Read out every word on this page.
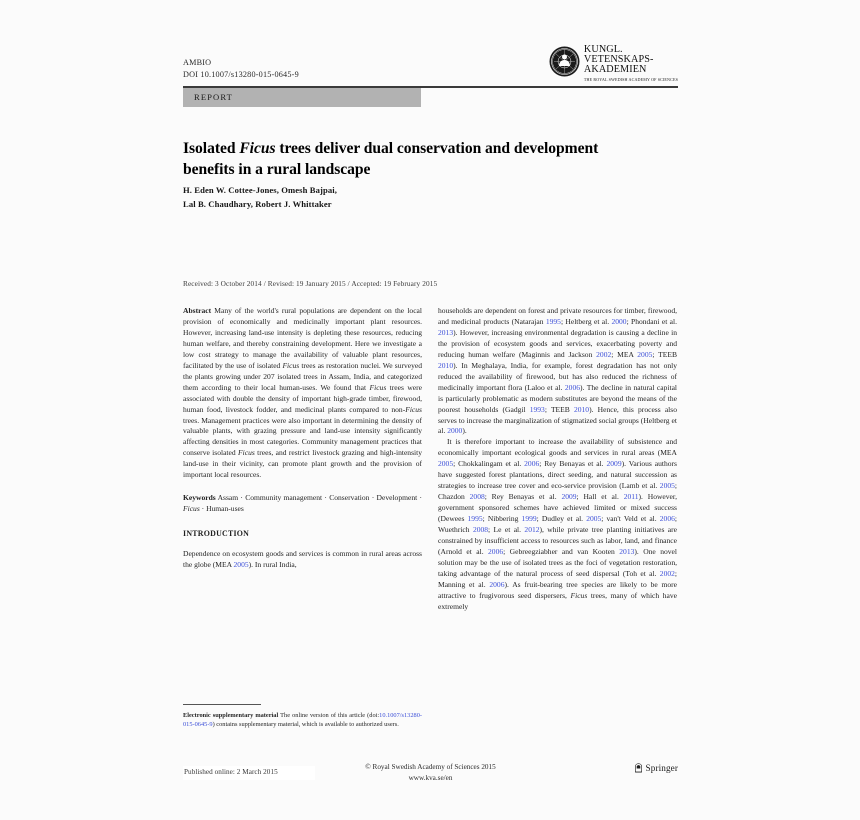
AMBIO
DOI 10.1007/s13280-015-0645-9
KUNGL.
VETENSKAPS-
AKADEMIEN
THE ROYAL SWEDISH ACADEMY OF SCIENCES
REPORT
Isolated Ficus trees deliver dual conservation and development benefits in a rural landscape
H. Eden W. Cottee-Jones, Omesh Bajpai,
Lal B. Chaudhary, Robert J. Whittaker
Received: 3 October 2014 / Revised: 19 January 2015 / Accepted: 19 February 2015

Abstract Many of the world's rural populations are dependent on the local provision of economically and medicinally important plant resources. However, increasing land-use intensity is depleting these resources, reducing human welfare, and thereby constraining development. Here we investigate a low cost strategy to manage the availability of valuable plant resources, facilitated by the use of isolated Ficus trees as restoration nuclei. We surveyed the plants growing under 207 isolated trees in Assam, India, and categorized them according to their local human-uses. We found that Ficus trees were associated with double the density of important high-grade timber, firewood, human food, livestock fodder, and medicinal plants compared to non-Ficus trees. Management practices were also important in determining the density of valuable plants, with grazing pressure and land-use intensity significantly affecting densities in most categories. Community management practices that conserve isolated Ficus trees, and restrict livestock grazing and high-intensity land-use in their vicinity, can promote plant growth and the provision of important local resources.

Keywords Assam · Community management · Conservation · Development · Ficus · Human-uses

INTRODUCTION

Dependence on ecosystem goods and services is common in rural areas across the globe (MEA 2005). In rural India,

households are dependent on forest and private resources for timber, firewood, and medicinal products (Natarajan 1995; Heltberg et al. 2000; Phondani et al. 2013). However, increasing environmental degradation is causing a decline in the provision of ecosystem goods and services, exacerbating poverty and reducing human welfare (Maginnis and Jackson 2002; MEA 2005; TEEB 2010). In Meghalaya, India, for example, forest degradation has not only reduced the availability of firewood, but has also reduced the richness of medicinally important flora (Laloo et al. 2006). The decline in natural capital is particularly problematic as modern substitutes are beyond the means of the poorest households (Gadgil 1993; TEEB 2010). Hence, this process also serves to increase the marginalization of stigmatized social groups (Heltberg et al. 2000).

It is therefore important to increase the availability of subsistence and economically important ecological goods and services in rural areas (MEA 2005; Chokkalingam et al. 2006; Rey Benayas et al. 2009). Various authors have suggested forest plantations, direct seeding, and natural succession as strategies to increase tree cover and eco-service provision (Lamb et al. 2005; Chazdon 2008; Rey Benayas et al. 2009; Hall et al. 2011). However, government sponsored schemes have achieved limited or mixed success (Dewees 1995; Nibbering 1999; Dudley et al. 2005; van't Veld et al. 2006; Wuethrich 2008; Le et al. 2012), while private tree planting initiatives are constrained by insufficient access to resources such as labor, land, and finance (Arnold et al. 2006; Gebreegziabher and van Kooten 2013). One novel solution may be the use of isolated trees as the foci of vegetation restoration, taking advantage of the natural process of seed dispersal (Toh et al. 2002; Manning et al. 2006). As fruit-bearing tree species are likely to be more attractive to frugivorous seed dispersers, Ficus trees, many of which have extremely

Electronic supplementary material The online version of this article (doi:10.1007/s13280-015-0645-9) contains supplementary material, which is available to authorized users.
Published online: 2 March 2015
© Royal Swedish Academy of Sciences 2015
www.kva.se/en
Springer
